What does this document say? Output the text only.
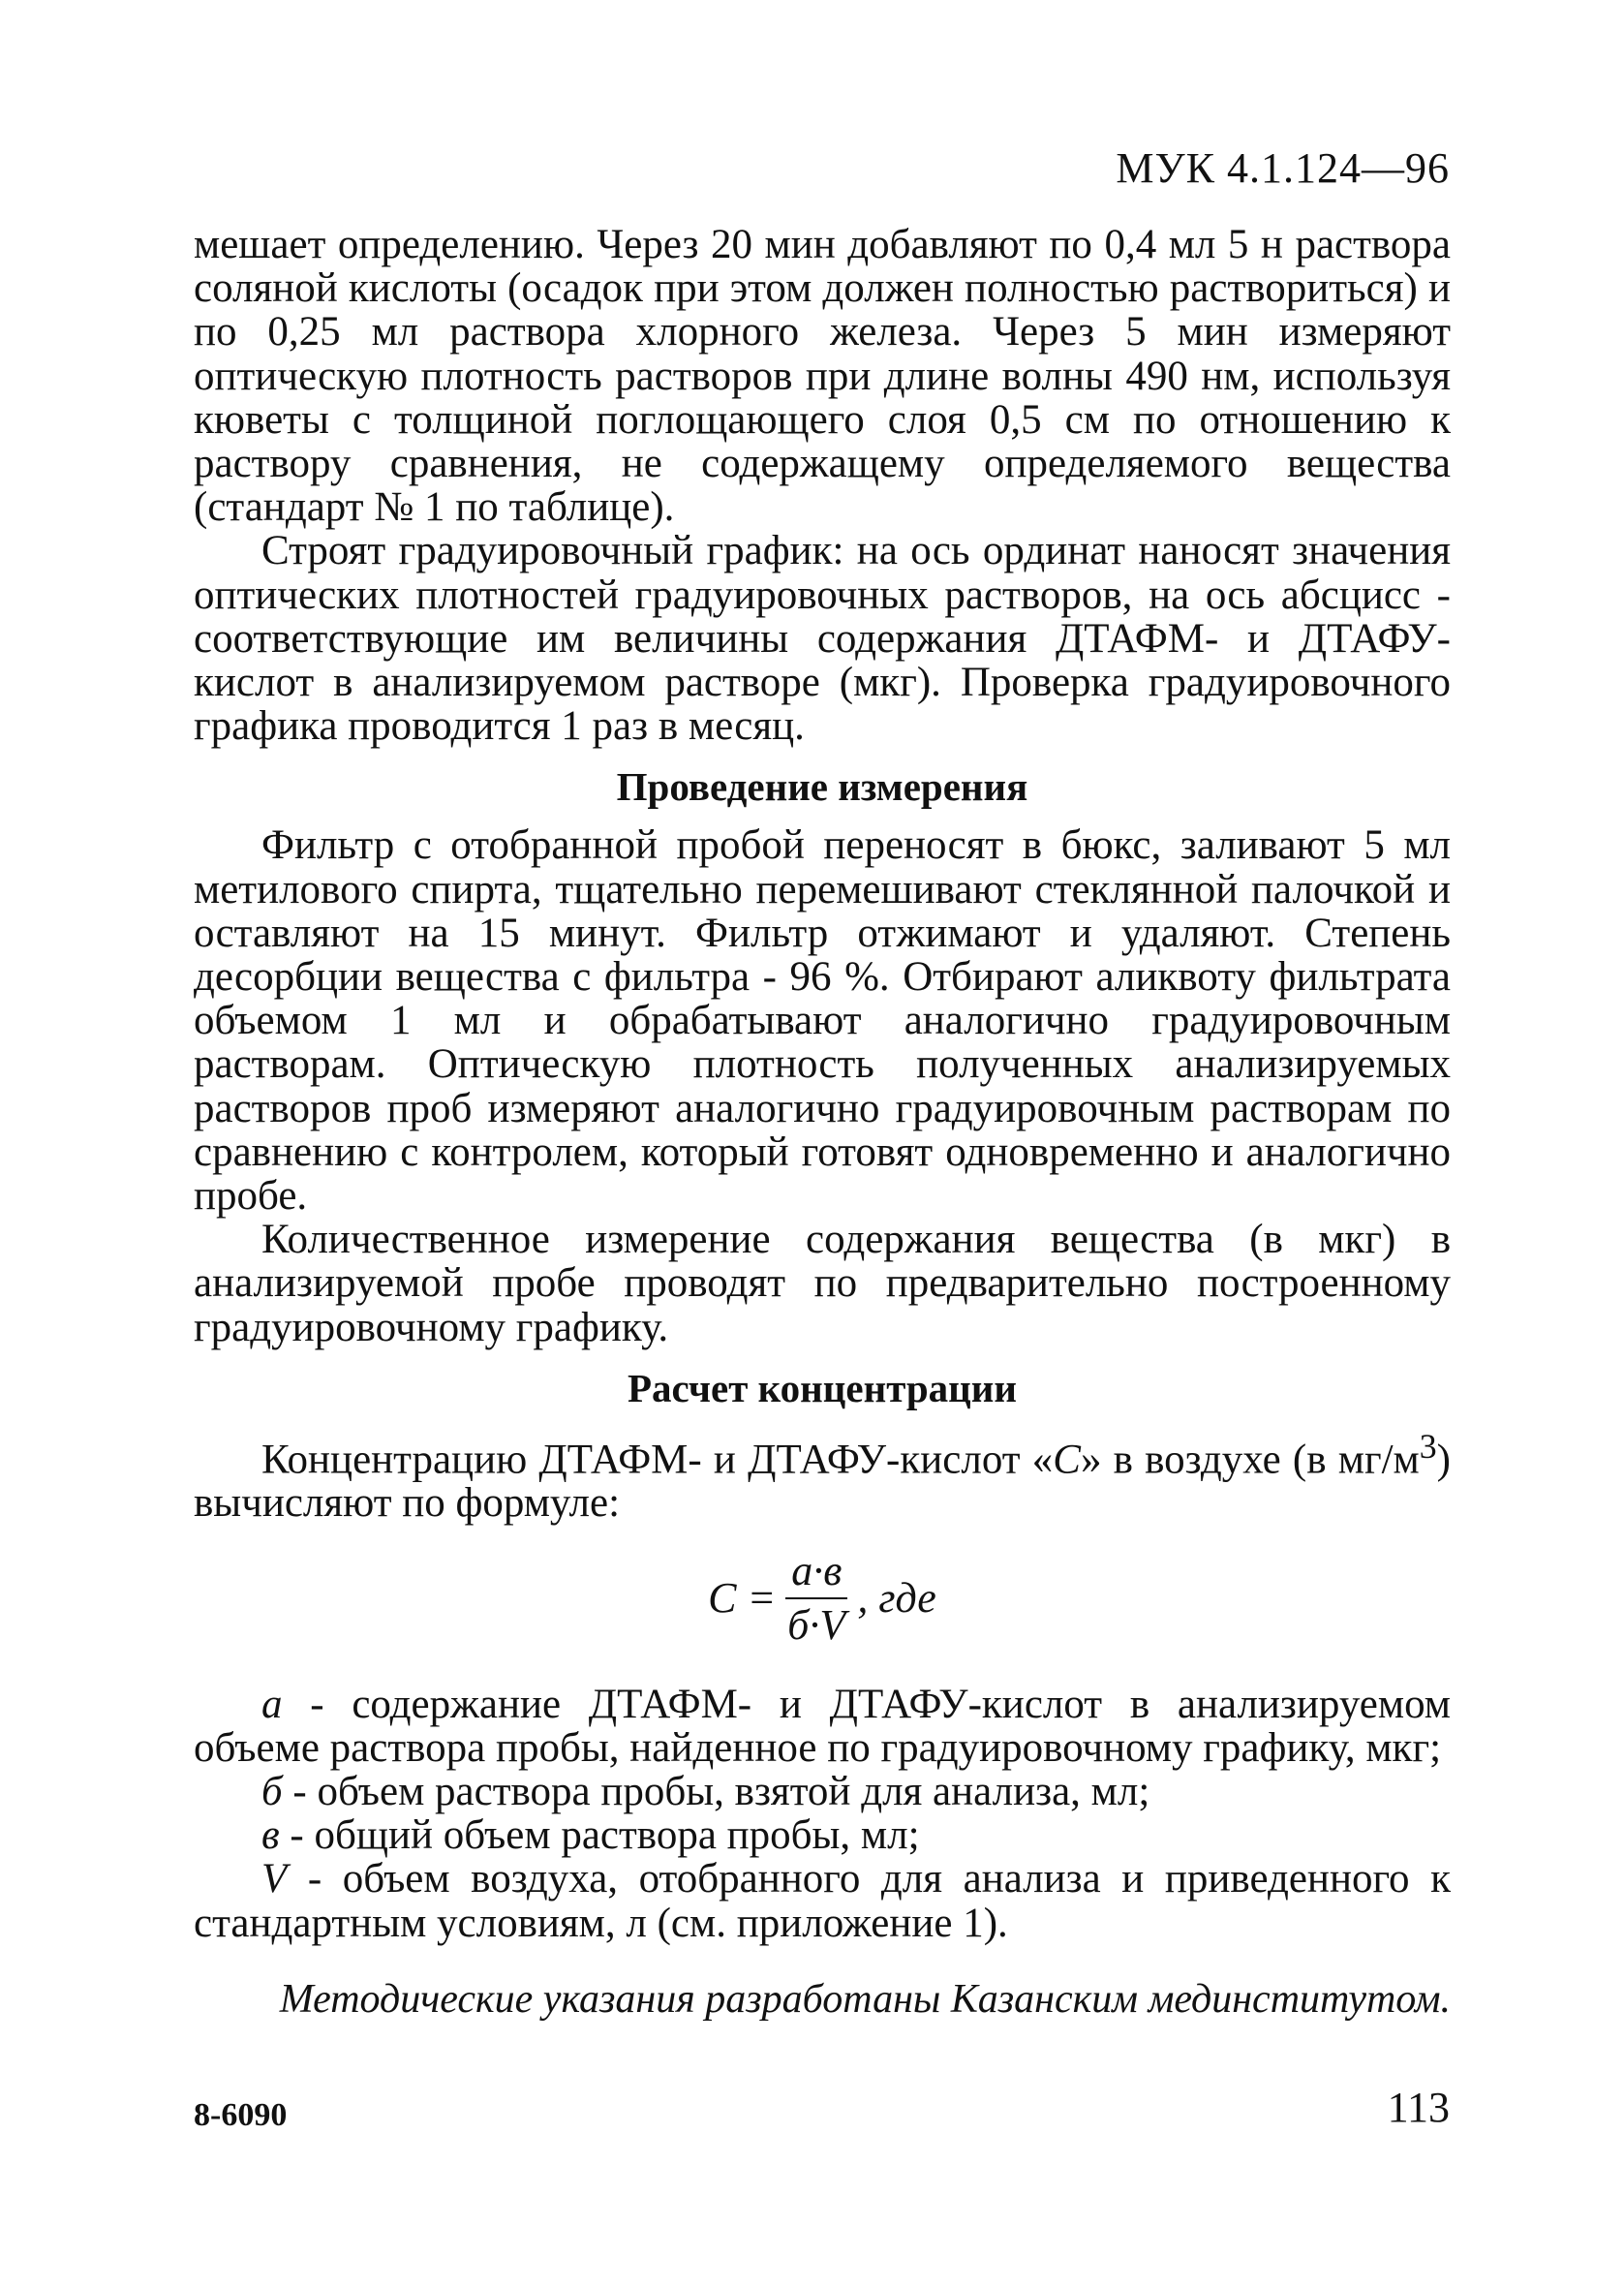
МУК 4.1.124—96

мешает определению. Через 20 мин добавляют по 0,4 мл 5 н раствора соляной кислоты (осадок при этом должен полностью раствориться) и по 0,25 мл раствора хлорного железа. Через 5 мин измеряют оптическую плотность растворов при длине волны 490 нм, используя кюветы с толщиной поглощающего слоя 0,5 см по отношению к раствору сравнения, не содержащему определяемого вещества (стандарт № 1 по таблице).

Строят градуировочный график: на ось ординат наносят значения оптических плотностей градуировочных растворов, на ось абсцисс - соответствующие им величины содержания ДТАФМ- и ДТАФУ-кислот в анализируемом растворе (мкг). Проверка градуировочного графика проводится 1 раз в месяц.

Проведение измерения

Фильтр с отобранной пробой переносят в бюкс, заливают 5 мл метилового спирта, тщательно перемешивают стеклянной палочкой и оставляют на 15 минут. Фильтр отжимают и удаляют. Степень десорбции вещества с фильтра - 96 %. Отбирают аликвоту фильтрата объемом 1 мл и обрабатывают аналогично градуировочным растворам. Оптическую плотность полученных анализируемых растворов проб измеряют аналогично градуировочным растворам по сравнению с контролем, который готовят одновременно и аналогично пробе.

Количественное измерение содержания вещества (в мкг) в анализируемой пробе проводят по предварительно построенному градуировочному графику.

Расчет концентрации

Концентрацию ДТАФМ- и ДТАФУ-кислот «С» в воздухе (в $мг/м^3$) вычисляют по формуле:

$С = \frac{а\cdot в}{б\cdot V}$ , где

а - содержание ДТАФМ- и ДТАФУ-кислот в анализируемом объеме раствора пробы, найденное по градуировочному графику, мкг;

б - объем раствора пробы, взятой для анализа, мл;

в - общий объем раствора пробы, мл;

V - объем воздуха, отобранного для анализа и приведенного к стандартным условиям, л (см. приложение 1).

Методические указания разработаны Казанским мединститутом.
113
8-6090
